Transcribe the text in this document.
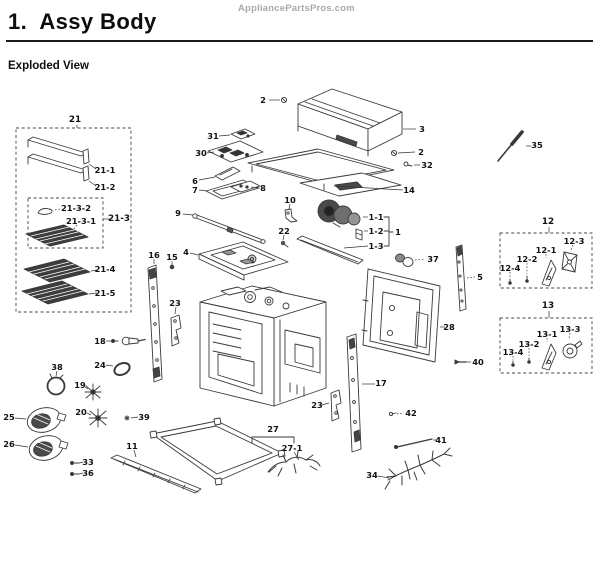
AppliancePartsPros.com
1.  Assy Body
Exploded View
21
21-3	12
13
2
3
2
32
35
31
30
6
7	8	14
9
10
22
1-1
1-2 1
1-3
37
21-1
21-2
21-3-2
21-3-1
21-4
21-5
16 15 4
5
12-1
12-2
12-3
12-4
28
23
23
17
40
13-1
13-2
13-3
13-4
18
24
38
19
20	39
25
26
33
36
11
27
27-1
42
41
34
